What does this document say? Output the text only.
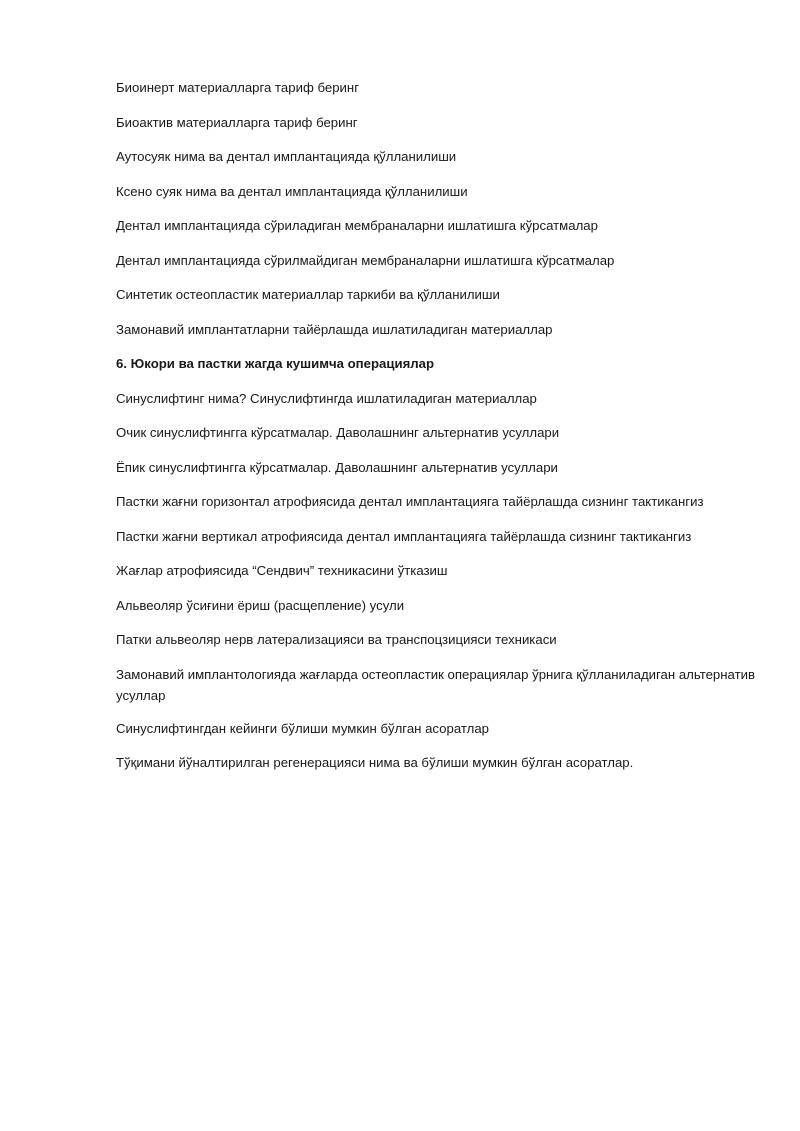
Биоинерт материалларга тариф беринг

Биоактив материалларга тариф беринг

Аутосуяк нима ва дентал имплантацияда қўлланилиши

Ксено суяк нима ва дентал имплантацияда қўлланилиши

Дентал имплантацияда сўриладиган мембраналарни ишлатишга кўрсатмалар

Дентал имплантацияда сўрилмайдиган мембраналарни ишлатишга кўрсатмалар

Синтетик остеопластик материаллар таркиби ва қўлланилиши

Замонавий имплантатларни тайёрлашда ишлатиладиган материаллар

6. Юкори ва пастки жагда кушимча операциялар

Синуслифтинг нима? Синуслифтингда ишлатиладиган материаллар

Очик синуслифтингга кўрсатмалар. Даволашнинг альтернатив усуллари

Ёпик синуслифтингга кўрсатмалар. Даволашнинг альтернатив усуллари

Пастки жағни горизонтал атрофиясида дентал имплантацияга тайёрлашда сизнинг тактикангиз

Пастки жағни вертикал атрофиясида дентал имплантацияга тайёрлашда сизнинг тактикангиз

Жағлар атрофиясида “Сендвич” техникасини ўтказиш

Альвеоляр ўсиғини ёриш (расщепление) усули

Патки альвеоляр нерв латерализацияси ва транспоцзицияси техникаси

Замонавий имплантологияда жағларда остеопластик операциялар ўрнига қўлланиладиган альтернатив усуллар

Синуслифтингдан кейинги бўлиши мумкин бўлган асоратлар

Тўқимани йўналтирилган регенерацияси нима ва бўлиши мумкин бўлган асоратлар.
